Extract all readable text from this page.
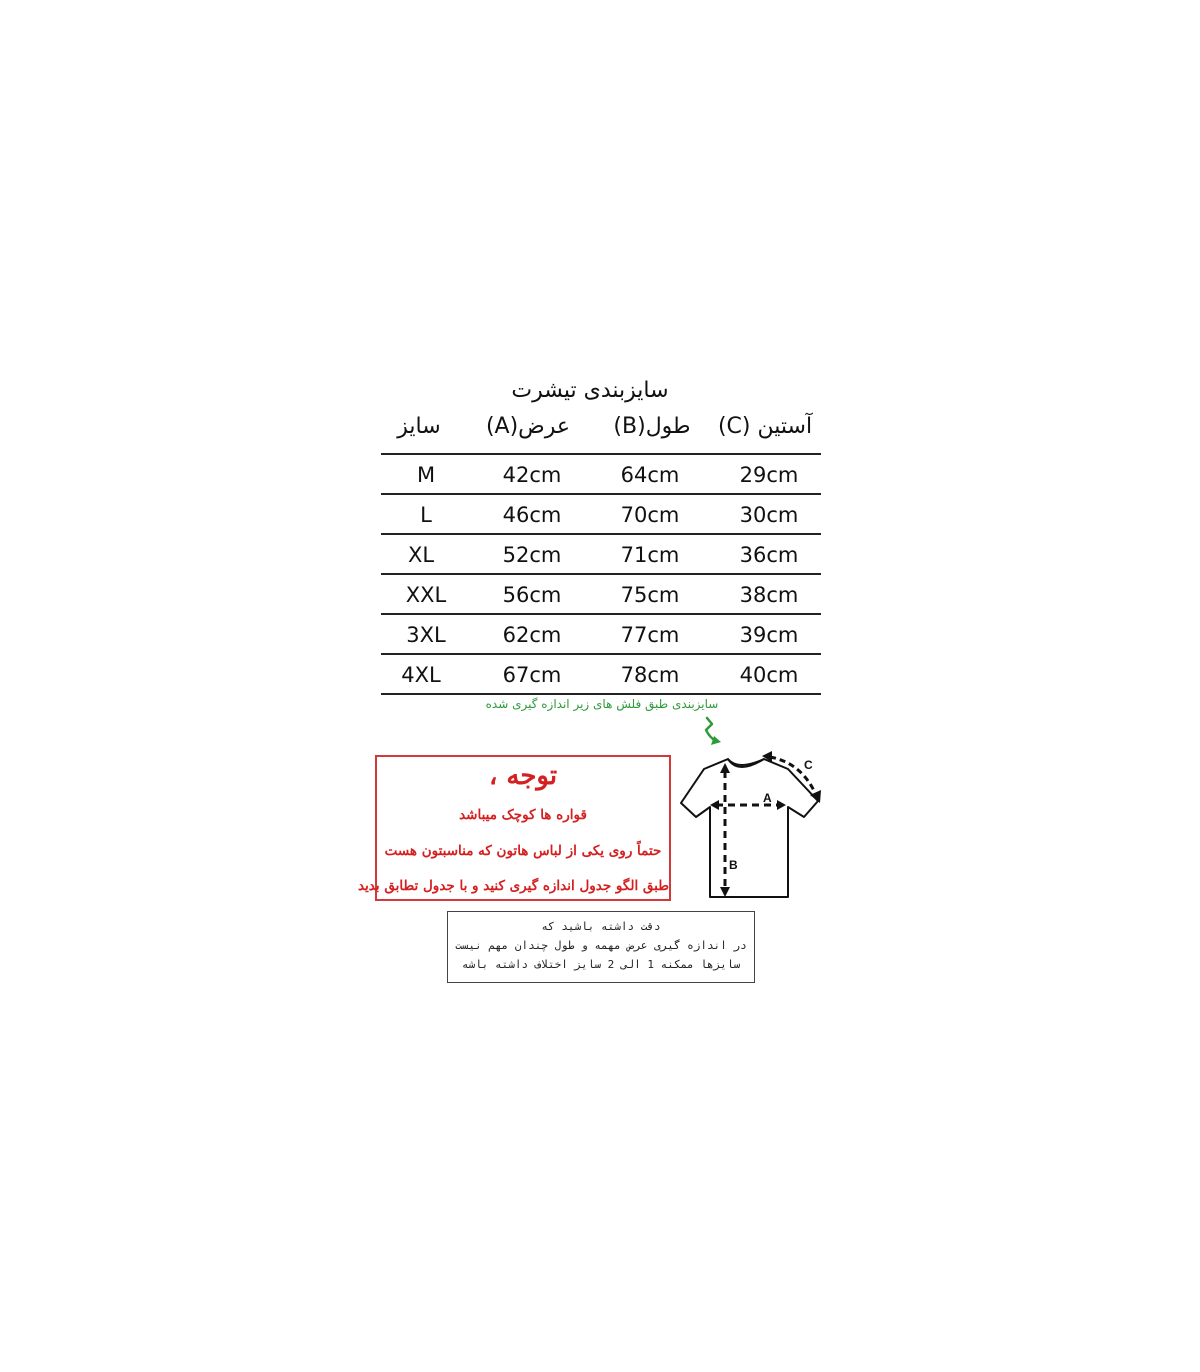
سایزبندی تیشرت
سایز عرض(A) طول(B) آستین (C)
M	42cm	64cm	29cm
L	46cm	70cm	30cm
XL	52cm	71cm	36cm
XXL	56cm	75cm	38cm
3XL	62cm	77cm	39cm
4XL	67cm	78cm	40cm
سایزبندی طبق فلش های زیر اندازه گیری شده
توجه ،
قواره ها کوچک میباشد
حتماً روی یکی از لباس هاتون که مناسبتون هست
طبق الگو جدول اندازه گیری کنید و با جدول تطابق بدید
A
B
C
دقت داشته باشید که
در اندازه گیری عرض مهمه و طول چندان مهم نیست
سایزها ممکنه 1 الی 2 سایز اختلاف داشته باشه
